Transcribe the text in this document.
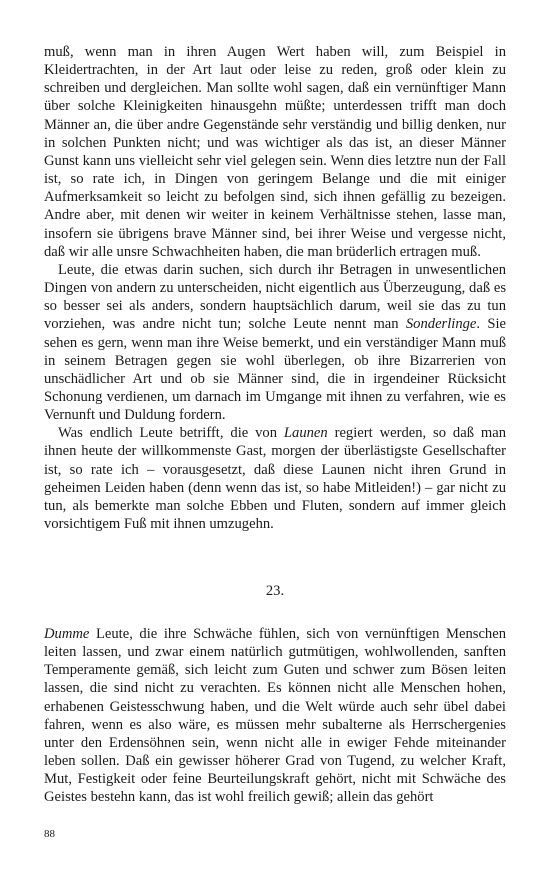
muß, wenn man in ihren Augen Wert haben will, zum Beispiel in Kleidertrachten, in der Art laut oder leise zu reden, groß oder klein zu schreiben und dergleichen. Man sollte wohl sagen, daß ein vernünftiger Mann über solche Kleinigkeiten hinausgehn müßte; unterdessen trifft man doch Männer an, die über andre Gegenstände sehr verständig und billig denken, nur in solchen Punkten nicht; und was wichtiger als das ist, an dieser Männer Gunst kann uns vielleicht sehr viel gelegen sein. Wenn dies letztre nun der Fall ist, so rate ich, in Dingen von geringem Belange und die mit einiger Aufmerksamkeit so leicht zu befolgen sind, sich ihnen gefällig zu bezeigen. Andre aber, mit denen wir weiter in keinem Verhältnisse stehen, lasse man, insofern sie übrigens brave Männer sind, bei ihrer Weise und vergesse nicht, daß wir alle unsre Schwachheiten haben, die man brüderlich ertragen muß.

Leute, die etwas darin suchen, sich durch ihr Betragen in unwesentlichen Dingen von andern zu unterscheiden, nicht eigentlich aus Überzeugung, daß es so besser sei als anders, sondern hauptsächlich darum, weil sie das zu tun vorziehen, was andre nicht tun; solche Leute nennt man Sonderlinge. Sie sehen es gern, wenn man ihre Weise bemerkt, und ein verständiger Mann muß in seinem Betragen gegen sie wohl überlegen, ob ihre Bizarrerien von unschädlicher Art und ob sie Männer sind, die in irgendeiner Rücksicht Schonung verdienen, um darnach im Umgange mit ihnen zu verfahren, wie es Vernunft und Duldung fordern.

Was endlich Leute betrifft, die von Launen regiert werden, so daß man ihnen heute der willkommenste Gast, morgen der überlästigste Gesellschafter ist, so rate ich – vorausgesetzt, daß diese Launen nicht ihren Grund in geheimen Leiden haben (denn wenn das ist, so habe Mitleiden!) – gar nicht zu tun, als bemerkte man solche Ebben und Fluten, sondern auf immer gleich vorsichtigem Fuß mit ihnen umzugehn.

23.

Dumme Leute, die ihre Schwäche fühlen, sich von vernünftigen Menschen leiten lassen, und zwar einem natürlich gutmütigen, wohlwollenden, sanften Temperamente gemäß, sich leicht zum Guten und schwer zum Bösen leiten lassen, die sind nicht zu verachten. Es können nicht alle Menschen hohen, erhabenen Geistesschwung haben, und die Welt würde auch sehr übel dabei fahren, wenn es also wäre, es müssen mehr subalterne als Herrschergenies unter den Erdensöhnen sein, wenn nicht alle in ewiger Fehde miteinander leben sollen. Daß ein gewisser höherer Grad von Tugend, zu welcher Kraft, Mut, Festigkeit oder feine Beurteilungskraft gehört, nicht mit Schwäche des Geistes bestehn kann, das ist wohl freilich gewiß; allein das gehört

88
